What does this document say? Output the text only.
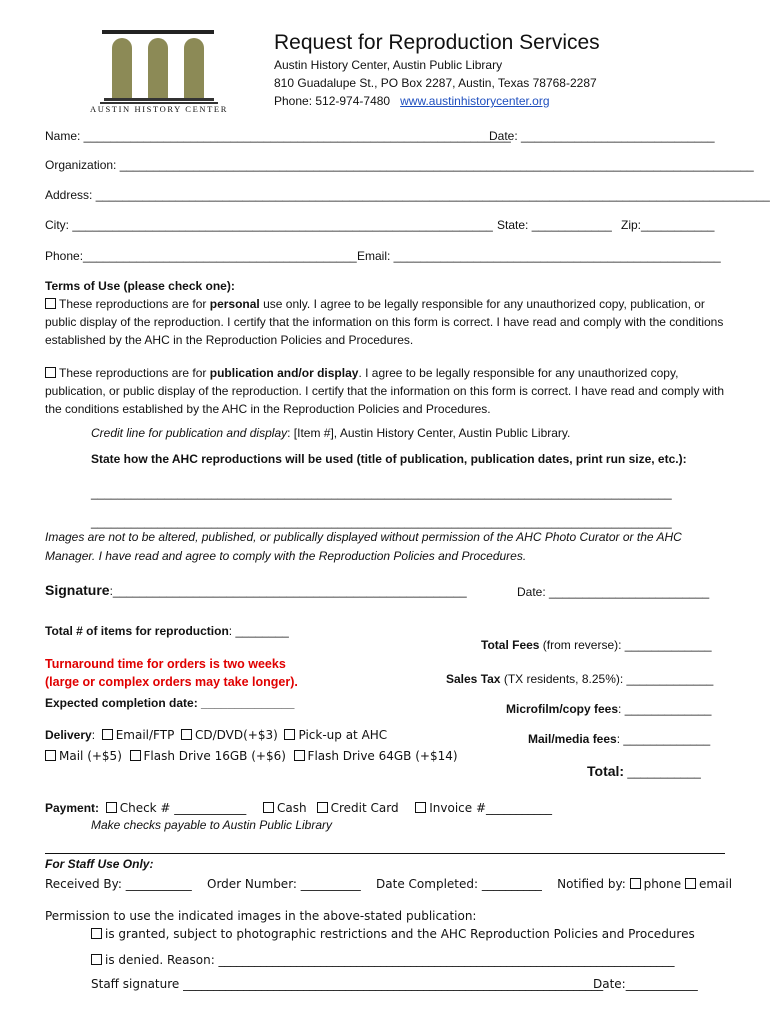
AUSTIN HISTORY CENTER
Request for Reproduction Services
Austin History Center, Austin Public Library
810 Guadalupe St., PO Box 2287, Austin, Texas 78768-2287
Phone: 512-974-7480 www.austinhistorycenter.org
Name: ________________________________________________________________
Date: _____________________________
Organization: _______________________________________________________________________________________________
Address: _____________________________________________________________________________________________________
City: _______________________________________________________________ State: ____________ Zip:___________
Phone:_________________________________________ Email: _________________________________________________
Terms of Use (please check one):
These reproductions are for personal use only. I agree to be legally responsible for any unauthorized copy, publication, or public display of the reproduction. I certify that the information on this form is correct. I have read and comply with the conditions established by the AHC in the Reproduction Policies and Procedures.
These reproductions are for publication and/or display. I agree to be legally responsible for any unauthorized copy, publication, or public display of the reproduction. I certify that the information on this form is correct. I have read and comply with the conditions established by the AHC in the Reproduction Policies and Procedures.
Credit line for publication and display: [Item #], Austin History Center, Austin Public Library.
State how the AHC reproductions will be used (title of publication, publication dates, print run size, etc.):
_______________________________________________________________________________________
_______________________________________________________________________________________
Images are not to be altered, published, or publically displayed without permission of the AHC Photo Curator or the AHC Manager. I have read and agree to comply with the Reproduction Policies and Procedures.
Signature:_____________________________________________________	Date: ________________________
Total # of items for reproduction: ________
Turnaround time for orders is two weeks
(large or complex orders may take longer).
Expected completion date: ______________
Delivery:  Email/FTP CD/DVD(+$3) Pick-up at AHC
Mail (+$5) Flash Drive 16GB (+$6) Flash Drive 64GB (+$14)
Total Fees (from reverse): _____________
Sales Tax (TX residents, 8.25%): _____________
Microfilm/copy fees: _____________
Mail/media fees: _____________
Total: ___________
Payment: Check # ____________	Cash Credit Card	Invoice #___________
Make checks payable to Austin Public Library
For Staff Use Only:
Received By: ___________ Order Number: __________ Date Completed: __________ Notified by: phone email
Permission to use the indicated images in the above-stated publication:
is granted, subject to photographic restrictions and the AHC Reproduction Policies and Procedures
is denied. Reason: ____________________________________________________________________________
Staff signature ______________________________________________________________________
Date:____________
